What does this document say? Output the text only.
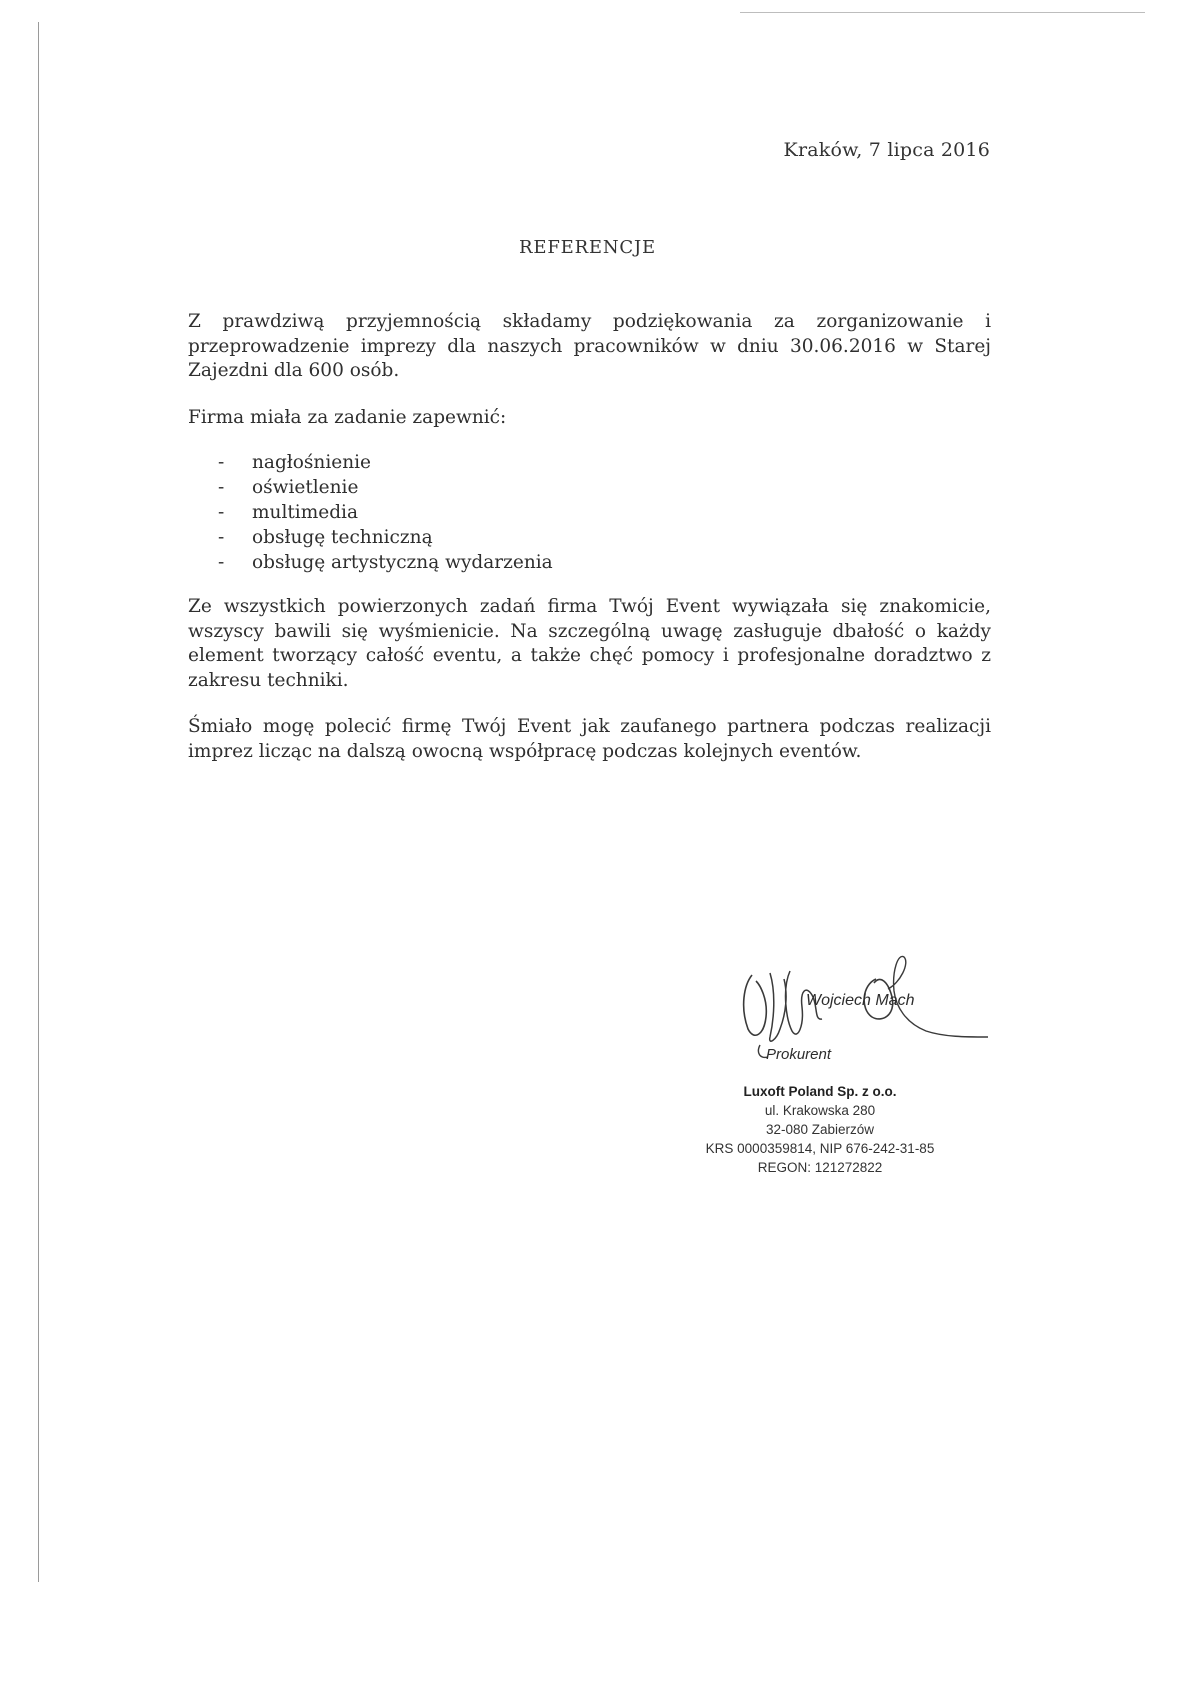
Kraków, 7 lipca 2016
REFERENCJE

Z prawdziwą przyjemnością składamy podziękowania za zorganizowanie i przeprowadzenie imprezy dla naszych pracowników w dniu 30.06.2016 w Starej Zajezdni dla 600 osób.

Firma miała za zadanie zapewnić:

- nagłośnienie
- oświetlenie
- multimedia
- obsługę techniczną
- obsługę artystyczną wydarzenia

Ze wszystkich powierzonych zadań firma Twój Event wywiązała się znakomicie, wszyscy bawili się wyśmienicie. Na szczególną uwagę zasługuje dbałość o każdy element tworzący całość eventu, a także chęć pomocy i profesjonalne doradztwo z zakresu techniki.

Śmiało mogę polecić firmę Twój Event jak zaufanego partnera podczas realizacji imprez licząc na dalszą owocną współpracę podczas kolejnych eventów.

Wojciech Mach
Prokurent
Luxoft Poland Sp. z o.o.
ul. Krakowska 280
32-080 Zabierzów
KRS 0000359814, NIP 676-242-31-85
REGON: 121272822
